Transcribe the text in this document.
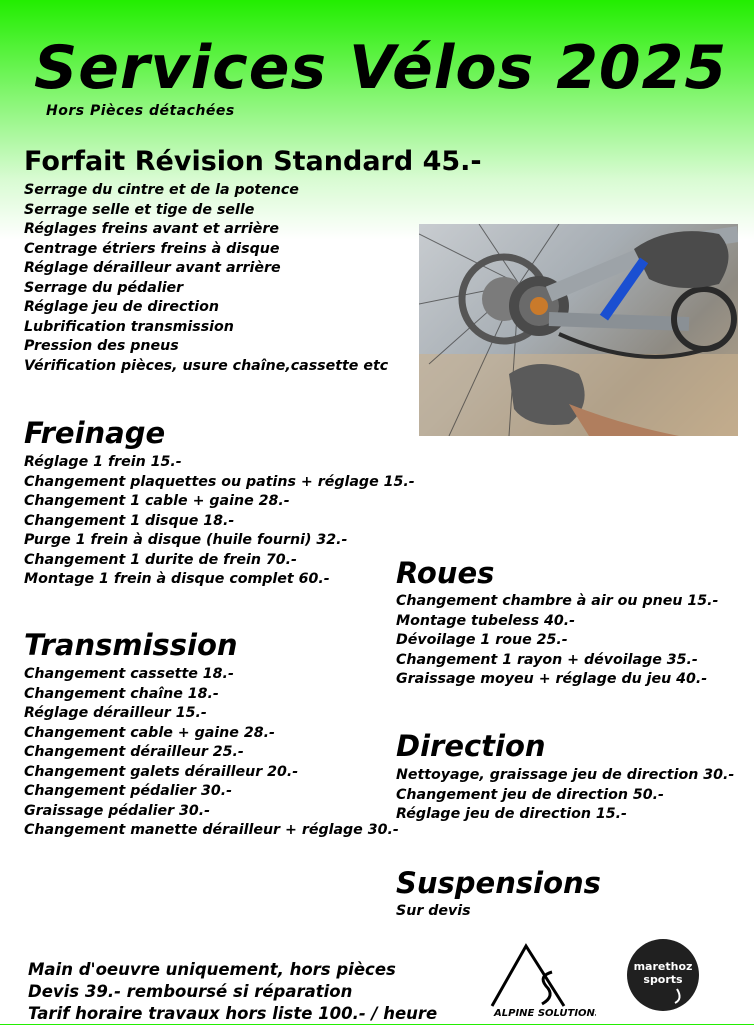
Services Vélos 2025
Hors Pièces détachées
Forfait Révision Standard 45.-
Serrage du cintre et de la potence
Serrage selle et tige de selle
Réglages freins avant et arrière
Centrage étriers freins à disque
Réglage dérailleur avant arrière
Serrage du pédalier
Réglage jeu de direction
Lubrification transmission
Pression des pneus
Vérification pièces, usure chaîne,cassette etc
Freinage
Réglage 1 frein 15.-
Changement plaquettes ou patins + réglage 15.-
Changement 1 cable + gaine 28.-
Changement 1 disque 18.-
Purge 1 frein à disque (huile fourni) 32.-
Changement 1 durite de frein 70.-
Montage 1 frein à disque complet 60.-
Transmission
Changement cassette 18.-
Changement chaîne 18.-
Réglage dérailleur 15.-
Changement cable + gaine 28.-
Changement dérailleur 25.-
Changement galets dérailleur 20.-
Changement pédalier 30.-
Graissage pédalier 30.-
Changement manette dérailleur + réglage 30.-
Roues
Changement chambre à air ou pneu 15.-
Montage tubeless 40.-
Dévoilage 1 roue 25.-
Changement 1 rayon + dévoilage 35.-
Graissage moyeu + réglage du jeu 40.-
Direction
Nettoyage, graissage jeu de direction 30.-
Changement jeu de direction 50.-
Réglage jeu de direction 15.-
Suspensions
Sur devis
Main d'oeuvre uniquement, hors pièces
Devis 39.- remboursé si réparation
Tarif horaire travaux hors liste 100.- / heure	ALPINE SOLUTIONS
marethoz
sports
